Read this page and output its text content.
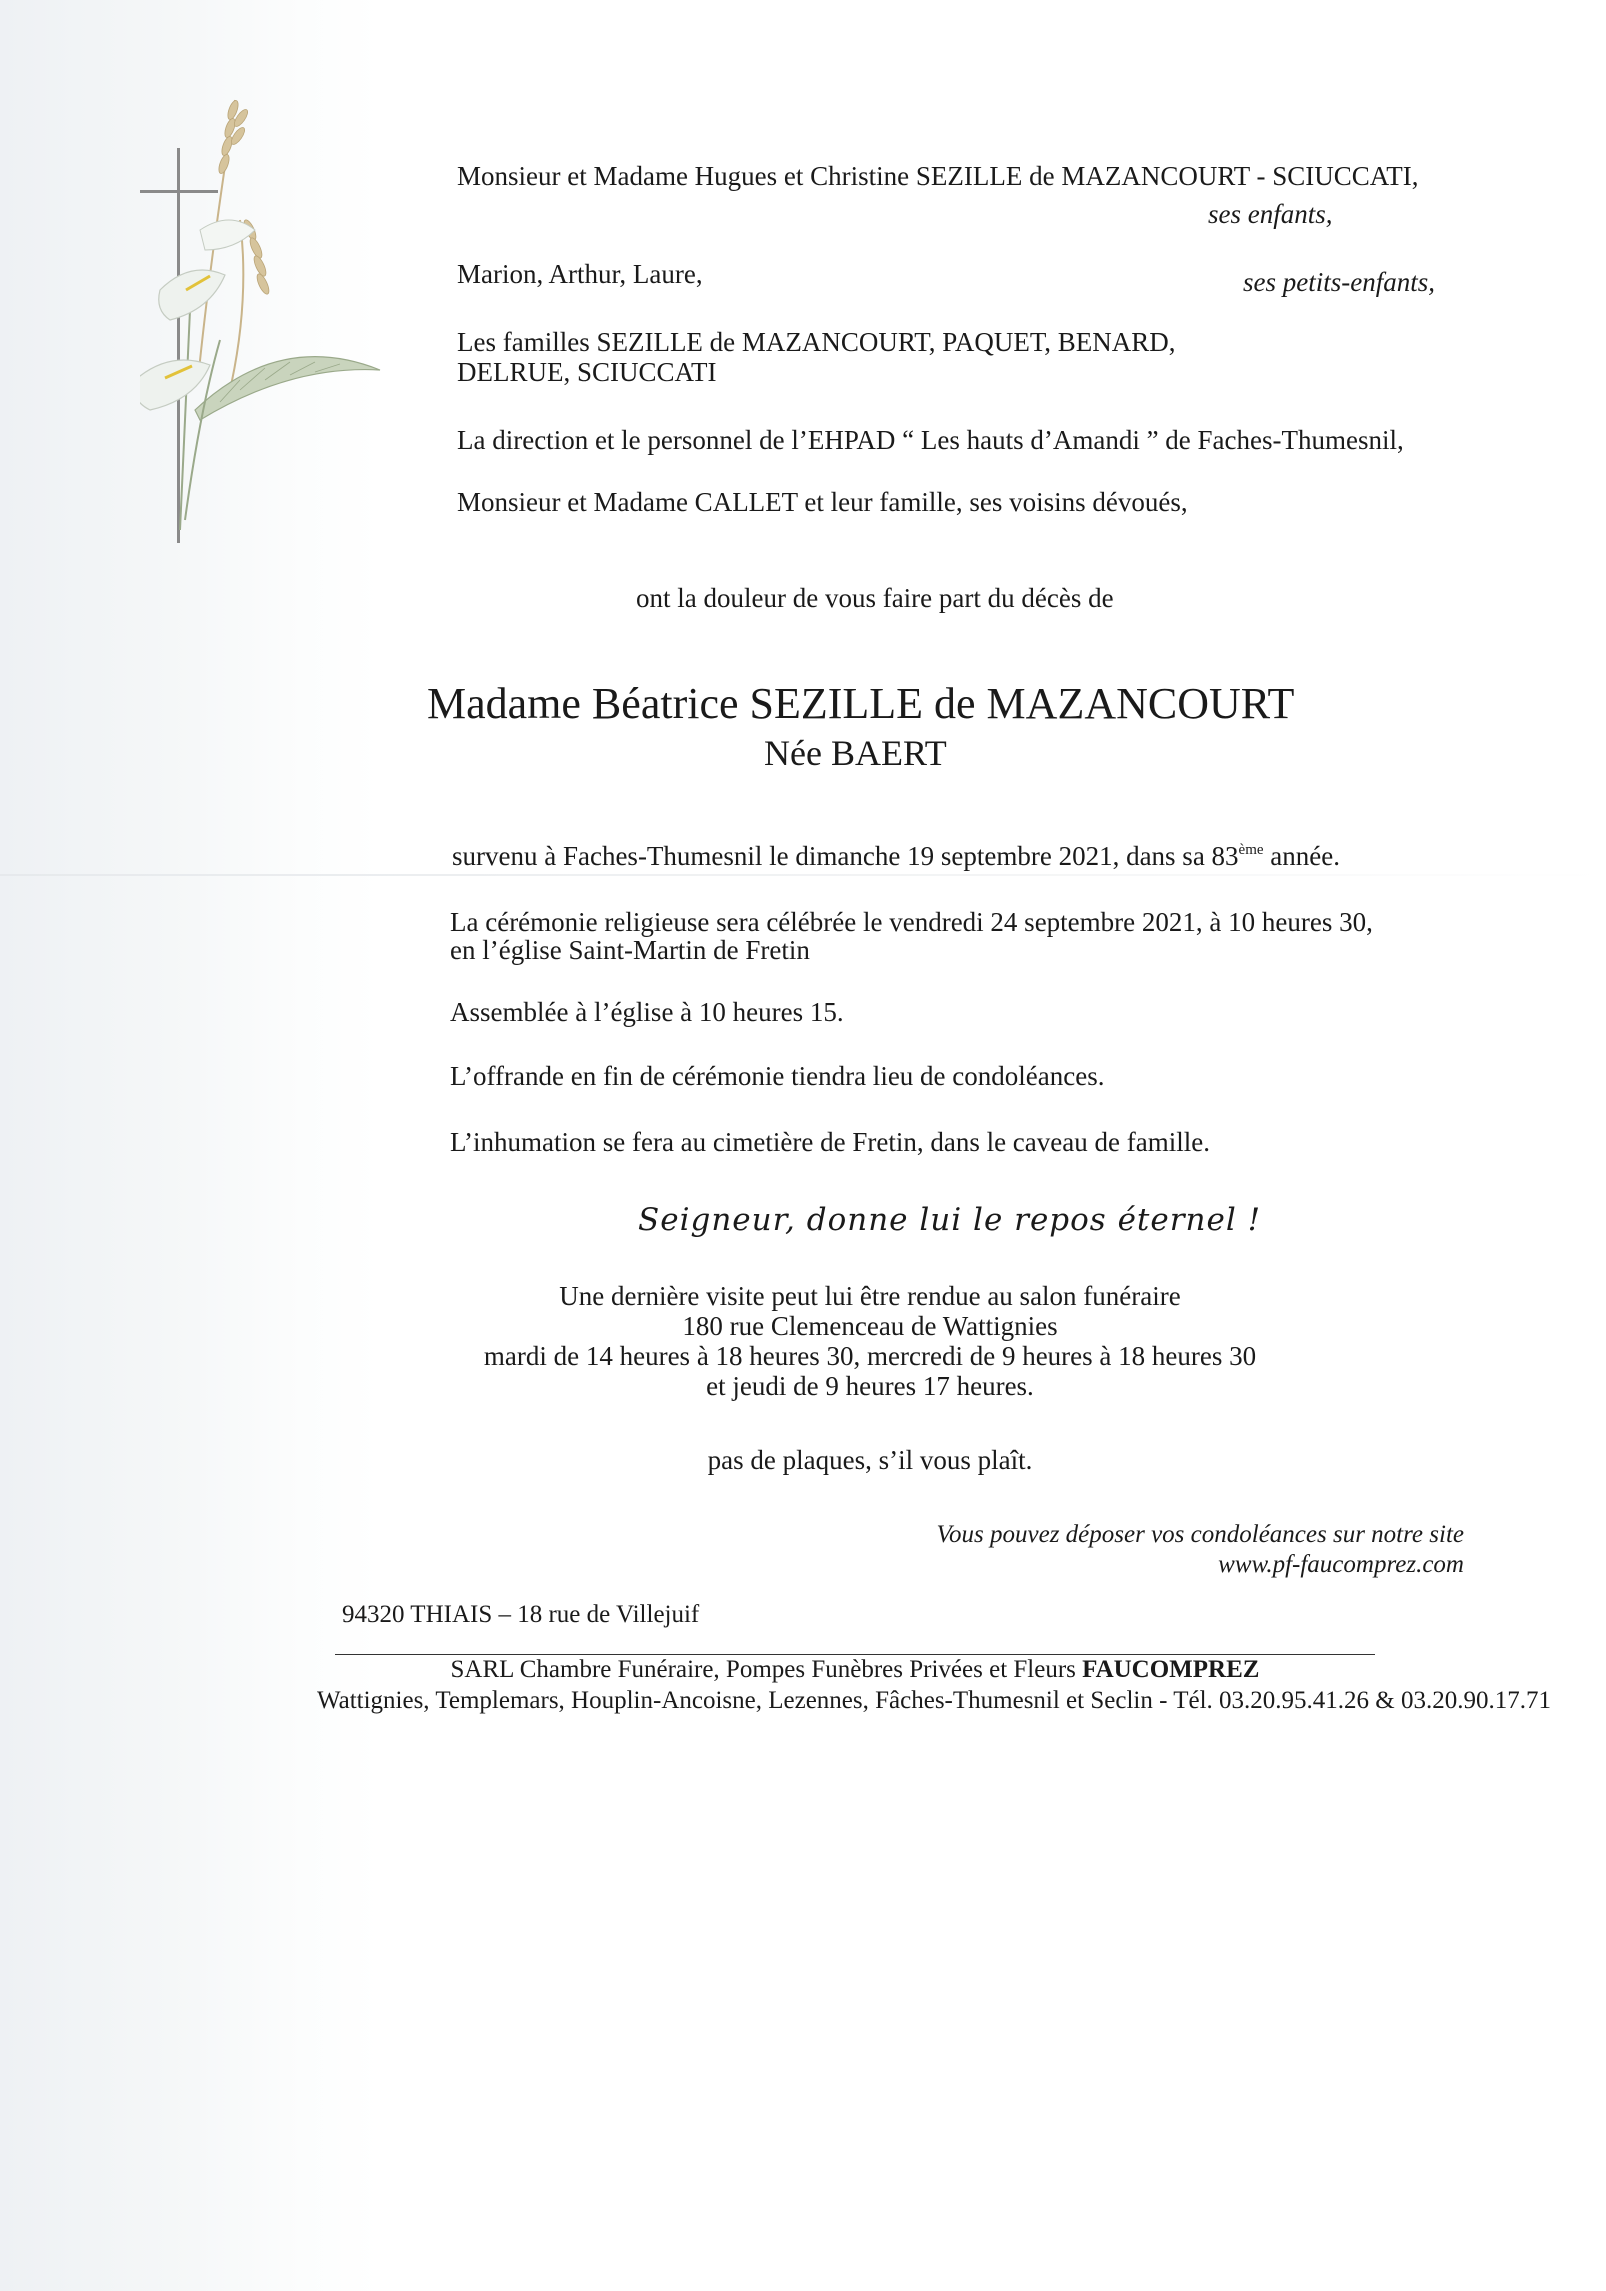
Monsieur et Madame Hugues et Christine SEZILLE de MAZANCOURT - SCIUCCATI,
ses enfants,
Marion, Arthur, Laure,	ses petits-enfants,
Les familles SEZILLE de MAZANCOURT, PAQUET, BENARD,
DELRUE, SCIUCCATI
La direction et le personnel de l’EHPAD “ Les hauts d’Amandi ” de Faches-Thumesnil,
Monsieur et Madame CALLET et leur famille, ses voisins dévoués,
ont la douleur de vous faire part du décès de
Madame Béatrice SEZILLE de MAZANCOURT
Née BAERT
survenu à Faches-Thumesnil le dimanche 19 septembre 2021, dans sa 83ème année.
La cérémonie religieuse sera célébrée le vendredi 24 septembre 2021, à 10 heures 30,
en l’église Saint-Martin de Fretin
Assemblée à l’église à 10 heures 15.
L’offrande en fin de cérémonie tiendra lieu de condoléances.
L’inhumation se fera au cimetière de Fretin, dans le caveau de famille.
Seigneur, donne lui le repos éternel !
Une dernière visite peut lui être rendue au salon funéraire
180 rue Clemenceau de Wattignies
mardi de 14 heures à 18 heures 30, mercredi de 9 heures à 18 heures 30
et jeudi de 9 heures 17 heures.
pas de plaques, s’il vous plaît.
Vous pouvez déposer vos condoléances sur notre site
www.pf-faucomprez.com
94320 THIAIS – 18 rue de Villejuif
SARL Chambre Funéraire, Pompes Funèbres Privées et Fleurs FAUCOMPREZ
Wattignies, Templemars, Houplin-Ancoisne, Lezennes, Fâches-Thumesnil et Seclin - Tél. 03.20.95.41.26 & 03.20.90.17.71
